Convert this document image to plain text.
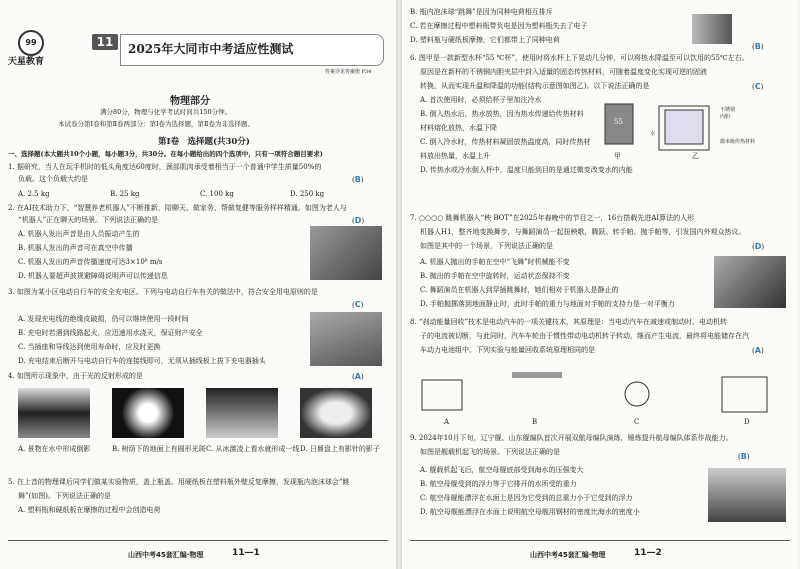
99
天星教育
11	2025年大同市中考适应性测试
答案详见答案册 P34
物理部分
满分80分，物理与化学考试时间共150分钟。
本试卷分第Ⅰ卷和第Ⅱ卷两部分：第Ⅰ卷为选择题，第Ⅱ卷为非选择题。
第Ⅰ卷　选择题(共30分)
一、选择题(本大题共10个小题，每小题3分，共30分。在每小题给出的四个选项中，只有一项符合题目要求)
1. 据研究，当人在玩手机时的低头角度达60度时，颈部肌肉承受着相当于一个普通中学生质量50%的
负载。这个负载大约是	(B)
A. 2.5 kg	B. 25 kg	C. 100 kg	D. 250 kg
2. 在AI技术助力下，“智慧养老机器人”不断推新，陪聊天、做家务、帮做复健等服务样样精通。如图为老人与
“机器人”正在聊天的场景。下列说法正确的是	(D)
A. 机器人发出声音是由人员振动产生的
B. 机器人发出的声音可在真空中传播
C. 机器人发出的声音传播速度可达3×10⁸ m/s
D. 机器人要超声波规避障碍说明声可以传递信息
3. 如图为某小区电动自行车的安全充电区。下列与电动自行车有关的做法中，符合安全用电原则的是
(C)
A. 发现充电线的绝缘皮破损，仍可以继续使用一段时间
B. 充电时若遇到线路起火，应迅速用水浇灭，保证财产安全
C. 当插座和导线达到使用寿命时，应及时更换
D. 充电结束后断开与电动自行车的连接线即可，无须从插线板上拔下充电器插头
4. 如图所示现象中，由于光的反射形成的是	(A)
A. 景物在水中形成倒影	B. 树荫下的地面上有圆形光斑 C. 从冰激凌上看水就形成一线 D. 日晷盘上有影针的影子
5. 在上音的物理课后同学们做某实验物质，盖上瓶盖。用硬纸板在塑料瓶外壁反复摩擦，发现瓶内泡沫球会“跳
舞”(如图)。下列说法正确的是
A. 塑料瓶和硬纸板在摩擦的过程中会创造电荷
山西中考45套汇编·物理	11—1
B. 瓶内泡沫球“跳舞”是因为同种电荷相互排斥
C. 若在摩擦过程中塑料瓶带负电是因为塑料瓶失去了电子
D. 塑料瓶与硬纸板摩擦，它们都带上了同种电荷
(B)
6. 图甲是一款新型水杯“55 ℃杯”，使用时将水杯上下晃动几分钟，可以将热水降温至可以饮用的55℃左右。
原因是在新杯的不锈钢内胆夹层中封入适量的固态传热材料，可随着温度变化实现可逆的固液
转换，从而实现升温和降温的功能(结构示意图如图乙)。以下说法正确的是	(C)
A. 首次使用时，必须给杯子里加注冷水
B. 倒入热水后，热水放热，因为热水传递给传热材料
材料熔化放热，水温下降
C. 倒入冷水时，传热材料凝固放热温度高，同时传热材
料放出热量，水温上升
D. 传热水或冷水倒入杯中，温度只能到目的是通过微变改变水的内能
55
甲	乙
不锈钢
内胆
水
微米级传热材料
7. ○○○○ 跳舞机器人“秧 BOT”在2025年春晚中的节目之一，16台搭载先进AI算法的人形
机器人H1，整齐地变换舞步，与舞蹈演员一起扭秧歌，腾跃、转手帕、抛手帕等，引发国内外观众热议。
如图是其中的一个场景，下列说法正确的是	(D)
A. 机器人抛出的手帕在空中“飞舞”时机械能不变
B. 抛出的手帕在空中旋转时，运动状态保持不变
C. 舞蹈演员在机器人到穿插跳舞时，她们相对于机器人是静止的
D. 手帕抛掷落到地面静止时，此时手帕的重力与地面对手帕的支持力是一对平衡力
8. “刹动能量回收”技术是电动汽车的一项关键技术，其原理是：当电动汽车在减速或制动时，电动机转
子的电流被切断，与此同时，汽车车轮由于惯性带动电动机转子转动，继而产生电流，最终将电能储存在汽
车动力电池组中。下列实验与能量回收系统原理相同的是	(A)
A	B	C	D
9. 2024年10月下旬，辽宁舰、山东舰编队首次开展双航母编队演练，锤炼提升航母编队体系作战能力。
如图是舰载机起飞的场景。下列说法正确的是
(B)
A. 舰载机起飞后，航空母舰底部受到海水的压强变大
B. 航空母舰受到的浮力等于它排开的水所受的重力
C. 航空母舰能漂浮在水面上是因为它受到的总重力小于它受到的浮力
D. 航空母舰能漂浮在水面上说明航空母舰用钢材的密度比海水的密度小
山西中考45套汇编·物理	11—2
